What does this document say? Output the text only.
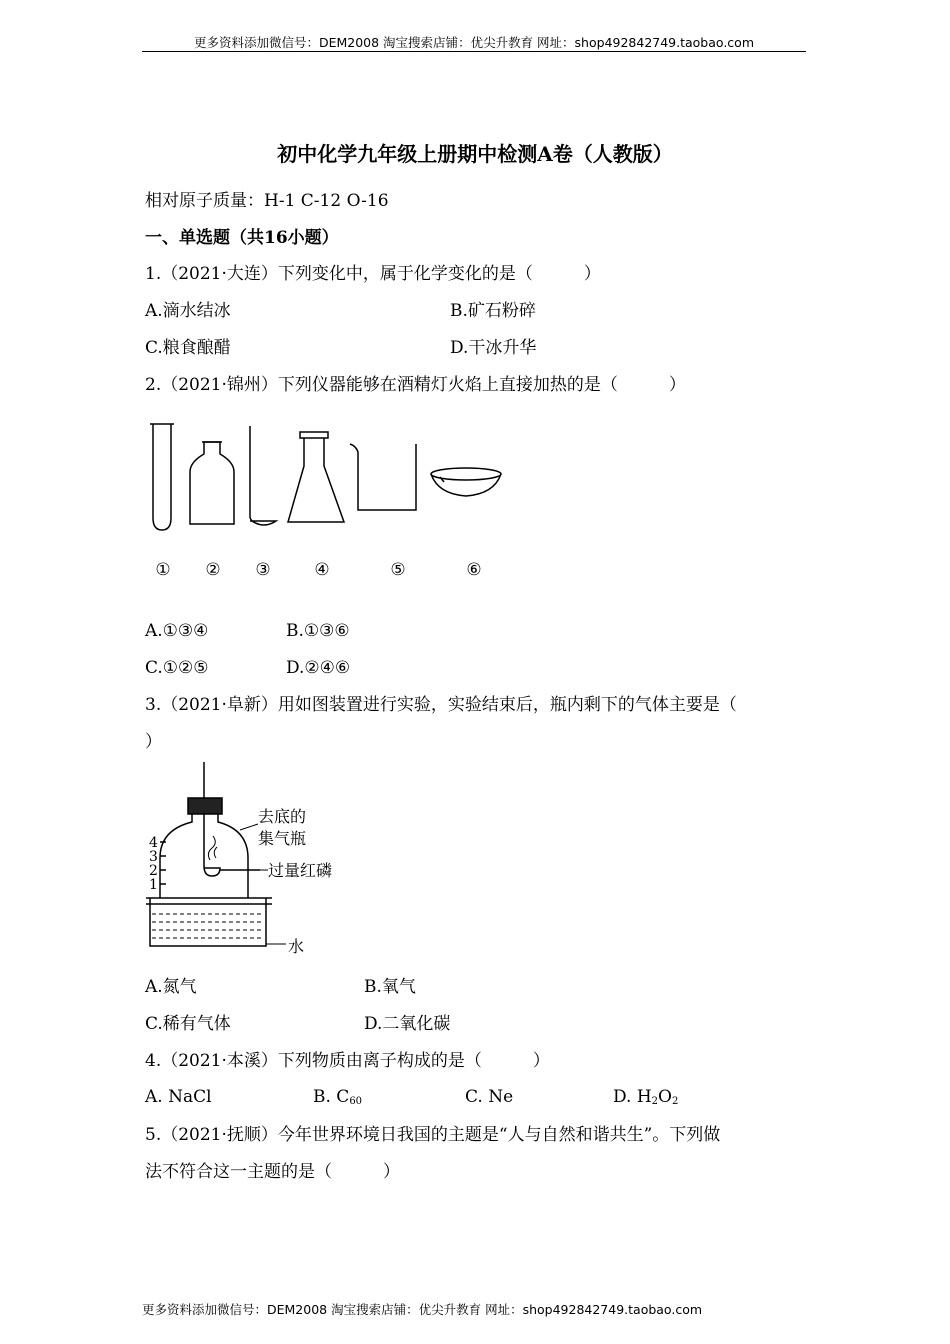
更多资料添加微信号：DEM2008 淘宝搜索店铺：优尖升教育 网址：shop492842749.taobao.com
初中化学九年级上册期中检测A卷（人教版）
相对原子质量：H-1 C-12 O-16
一、单选题（共16小题）
1.（2021·大连）下列变化中，属于化学变化的是（　　　）
A.滴水结冰	B.矿石粉碎
C.粮食酿醋	D.干冰升华
2.（2021·锦州）下列仪器能够在酒精灯火焰上直接加热的是（　　　）
① ② ③	④	⑤	⑥
A.①③④	B.①③⑥
C.①②⑤	D.②④⑥
3.（2021·阜新）用如图装置进行实验，实验结束后，瓶内剩下的气体主要是（
）
4
3
2
1
去底的
集气瓶
过量红磷
水
A.氮气	B.氧气
C.稀有气体	D.二氧化碳
4.（2021·本溪）下列物质由离子构成的是（　　　）
A. NaCl	B. $C_{60}$	C. Ne	D. $H_2O_2$
5.（2021·抚顺）今年世界环境日我国的主题是“人与自然和谐共生”。下列做
法不符合这一主题的是（　　　）
更多资料添加微信号：DEM2008 淘宝搜索店铺：优尖升教育 网址：shop492842749.taobao.com
